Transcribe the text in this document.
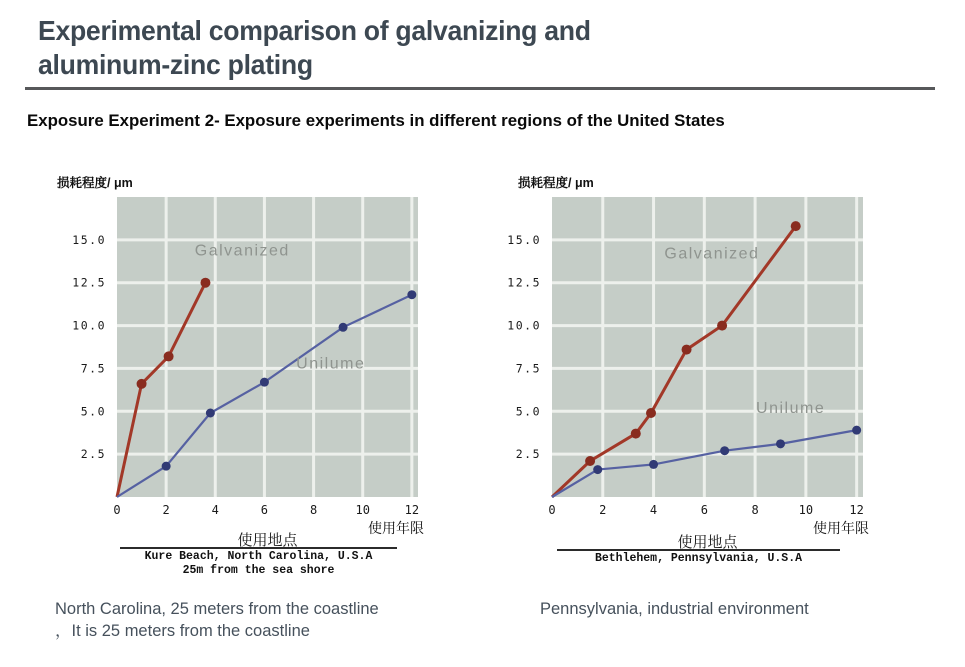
Experimental comparison of galvanizing and
aluminum-zinc plating
Exposure Experiment 2- Exposure experiments in different regions of the United States
Galvanized
Unilume
2.5
5.0
7.5
10.0
12.5
15.0
0	2	4	6	8	10	12
损耗程度/ μm
使用年限
Galvanized
Unilume
2.5
5.0
7.5
10.0
12.5
15.0
0	2	4	6	8	10	12
损耗程度/ μm
使用年限
使用地点
Kure Beach, North Carolina, U.S.A
25m from the sea shore
使用地点
Bethlehem, Pennsylvania, U.S.A
North Carolina, 25 meters from the coastline
，It is 25 meters from the coastline
Pennsylvania, industrial environment
